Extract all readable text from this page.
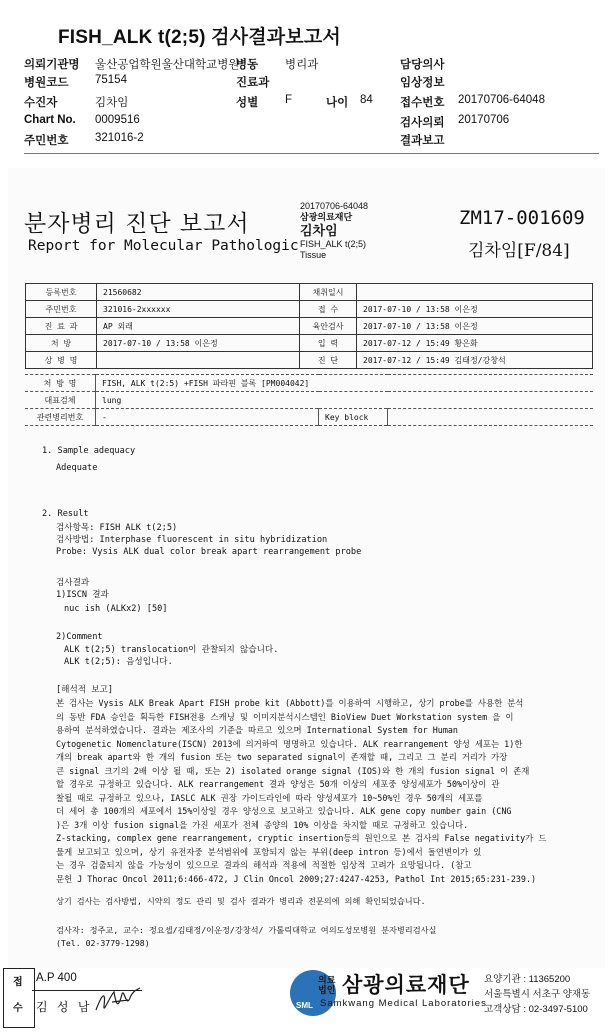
FISH_ALK t(2;5) 검사결과보고서
의뢰기관명 울산공업학원울산대학교병원
병동 병리과	담당의사
병원코드 75154	진료과	임상정보
수진자	김차임	성별 F	나이 84 접수번호 20170706-64048
Chart No. 0009516	검사의뢰 20170706
주민번호 321016-2	결과보고
분자병리 진단 보고서
Report for Molecular Pathologic
20170706-64048
삼광의료재단
김차임
FISH_ALK t(2;5)
Tissue
ZM17-001609
김차임[F/84]
등록번호	21560682	채취일시	
주민번호	321016-2xxxxxx	접 수	2017-07-10 / 13:58 이은정
진 료 과	AP 외래	육안검사	2017-07-10 / 13:58 이은정
처 방	2017-07-10 / 13:58 이은정	입 력	2017-07-12 / 15:49 황은화
상 병 명		진 단	2017-07-12 / 15:49 김태정/강창석
처 방 명	FISH, ALK t(2:5) +FISH 파라핀 블록 [PM004042]		
대표검체	lung		
관련병리번호	-	Key block	
1. Sample adequacy
Adequate
2. Result

검사항목: FISH ALK t(2;5)

검사방법: Interphase fluorescent in situ hybridization

Probe: Vysis ALK dual color break apart rearrangement probe

검사결과
1)ISCN 결과
nuc ish (ALKx2) [50]
2)Comment

ALK t(2;5) translocation이 관찰되지 않습니다.

ALK t(2;5): 음성입니다.

[해석적 보고]

본 검사는 Vysis ALK Break Apart FISH probe kit (Abbott)를 이용하여 시행하고, 상기 probe를 사용한 분석

의 동반 FDA 승인을 획득한 FISH전용 스캐닝 및 이미지분석시스템인 BioView Duet Workstation system 을 이

용하여 분석하였습니다. 결과는 제조사의 기준을 따르고 있으며 International System for Human

Cytogenetic Nomenclature(ISCN) 2013에 의거하여 명명하고 있습니다. ALK rearrangement 양성 세포는 1)한

개의 break apart와 한 개의 fusion 또는 two separated signal이 존재할 때, 그리고 그 분리 거리가 가장

큰 signal 크기의 2배 이상 될 때, 또는 2) isolated orange signal (IOS)와 한 개의 fusion signal 이 존재

할 경우로 규정하고 있습니다. ALK rearrangement 결과 양성은 50개 이상의 세포중 양성세포가 50%이상이 관

찰될 때로 규정하고 있으나, IASLC ALK 권장 가이드라인에 따라 양성세포가 10~50%인 경우 50개의 세포를

더 세어 총 100개의 세포에서 15%이상일 경우 양성으로 보고하고 있습니다. ALK gene copy number gain (CNG

)은 3개 이상 fusion signal을 가진 세포가 전체 종양의 10% 이상을 차지할 때로 규정하고 있습니다.

Z-stacking, complex gene rearrangement, cryptic insertion등의 원인으로 본 검사의 False negativity가 드

물게 보고되고 있으며, 상기 유전자중 분석범위에 포함되지 않는 부위(deep intron 등)에서 돌연변이가 있

는 경우 검출되지 않을 가능성이 있으므로 결과의 해석과 적용에 적절한 임상적 고려가 요망됩니다. (참고

문헌 J Thorac Oncol 2011;6:466-472, J Clin Oncol 2009;27:4247-4253, Pathol Int 2015;65:231-239.)

상기 검사는 검사방법, 시약의 정도 관리 및 검사 결과가 병리과 전문의에 의해 확인되었습니다.
검사자: 정주교, 교수: 정요셉/김태정/이운정/강창석/ 가톨릭대학교 여의도성모병원 분자병리검사실
(Tel. 02-3779-1298)
접
수
A.P 400
김 성 남	SML
의료
법인 삼광의료재단
Samkwang Medical Laboratories
요양기관 : 11365200
서울특별시 서초구 양재동
고객상담 : 02-3497-5100
